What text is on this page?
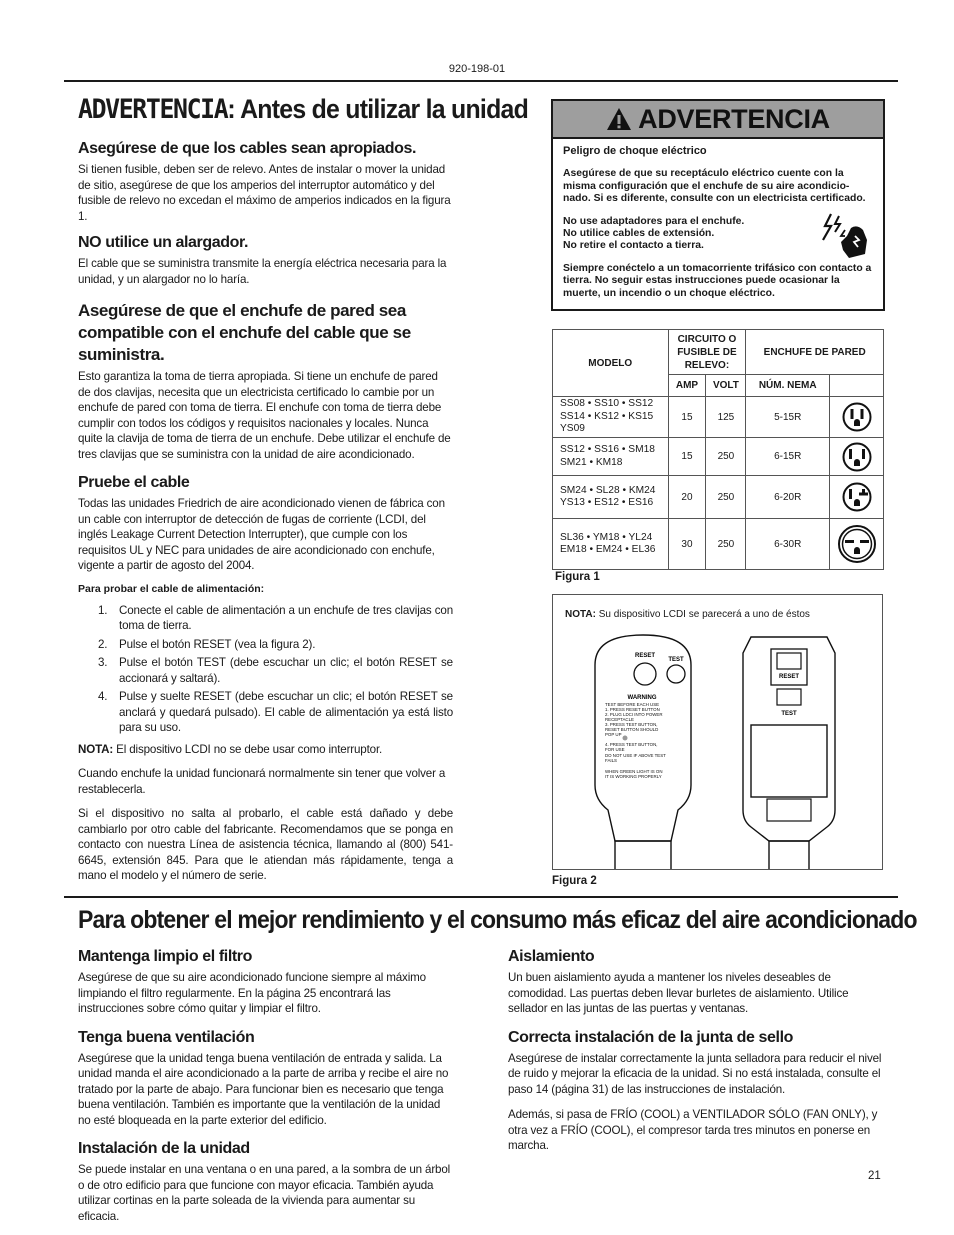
920-198-01
ADVERTENCIA: Antes de utilizar la unidad
Asegúrese de que los cables sean apropiados.

Si tienen fusible, deben ser de relevo. Antes de instalar o mover la unidad de sitio, asegúrese de que los amperios del interruptor automático y del fusible de relevo no excedan el máximo de amperios indicados en la figura 1.

NO utilice un alargador.

El cable que se suministra transmite la energía eléctrica necesaria para la unidad, y un alargador no lo haría.

Asegúrese de que el enchufe de pared sea compatible con el enchufe del cable que se suministra.

Esto garantiza la toma de tierra apropiada. Si tiene un enchufe de pared de dos clavijas, necesita que un electricista certificado lo cambie por un enchufe de pared con toma de tierra. El enchufe con toma de tierra debe cumplir con todos los códigos y requisitos nacionales y locales. Nunca quite la clavija de toma de tierra de un enchufe. Debe utilizar el enchufe de tres clavijas que se suministra con la unidad de aire acondicionado.

Pruebe el cable

Todas las unidades Friedrich de aire acondicionado vienen de fábrica con un cable con interruptor de detección de fugas de corriente (LCDI, del inglés Leakage Current Detection Interrupter), que cumple con los requisitos UL y NEC para unidades de aire acondicionado con enchufe, vigente a partir de agosto del 2004.

Para probar el cable de alimentación:

1.	Conecte el cable de alimentación a un enchufe de tres clavijas con toma de tierra.
2.	Pulse el botón RESET (vea la figura 2).
3.	Pulse el botón TEST (debe escuchar un clic; el botón RESET se accionará y saltará).
4.	Pulse y suelte RESET (debe escuchar un clic; el botón RESET se anclará y quedará pulsado). El cable de alimentación ya está listo para su uso.

NOTA: El dispositivo LCDI no se debe usar como interruptor.

Cuando enchufe la unidad funcionará normalmente sin tener que volver a restablecerla.

Si el dispositivo no salta al probarlo, el cable está dañado y debe cambiarlo por otro cable del fabricante. Recomendamos que se ponga en contacto con nuestra Línea de asistencia técnica, llamando al (800) 541-6645, extensión 845. Para que le atiendan más rápidamente, tenga a mano el modelo y el número de serie.

ADVERTENCIA

Peligro de choque eléctrico

Asegúrese de que su receptáculo eléctrico cuente con la
misma configuración que el enchufe de su aire acondicio-
nado. Si es diferente, consulte con un electricista certificado.

No use adaptadores para el enchufe.
No utilice cables de extensión.
No retire el contacto a tierra.

Siempre conéctelo a un tomacorriente trifásico con contacto a tierra. No seguir estas instrucciones puede ocasionar la muerte, un incendio o un choque eléctrico.

MODELO	CIRCUITO O FUSIBLE DE RELEVO:		ENCHUFE DE PARED	
	AMP	VOLT	NÚM. NEMA	
SS08 • SS10 • SS12 SS14 • KS12 • KS15 YS09	15	125	5-15R	

SS12 • SS16 • SM18 SM21 • KM18	15	250	6-15R	

SM24 • SL28 • KM24 YS13 • ES12 • ES16	20	250	6-20R	

SL36 • YM18 • YL24 EM18 • EM24 • EL36	30	250	6-30R	
Figura 1

NOTA: Su dispositivo LCDI se parecerá a uno de éstos

RESET
TEST
WARNING
TEST BEFORE EACH USE
1. PRESS RESET BUTTON
2. PLUG LDCI INTO POWER
RECEPTACLE
3. PRESS TEST BUTTON,
RESET BUTTON SHOULD
POP UP
4. PRESS TEST BUTTON,
FOR USE
DO NOT USE IF ABOVE TEST
FAILS
WHEN GREEN LIGHT IS ON
IT IS WORKING PROPERLY
RESET
TEST
Figura 2
Para obtener el mejor rendimiento y el consumo más eficaz del aire acondicionado
Mantenga limpio el filtro

Asegúrese de que su aire acondicionado funcione siempre al máximo limpiando el filtro regularmente. En la página 25 encontrará las instrucciones sobre cómo quitar y limpiar el filtro.

Tenga buena ventilación

Asegúrese que la unidad tenga buena ventilación de entrada y salida. La unidad manda el aire acondicionado a la parte de arriba y recibe el aire no tratado por la parte de abajo. Para funcionar bien es necesario que tenga buena ventilación. También es importante que la ventilación de la unidad no esté bloqueada en la parte exterior del edificio.

Instalación de la unidad

Se puede instalar en una ventana o en una pared, a la sombra de un árbol o de otro edificio para que funcione con mayor eficacia. También ayuda utilizar cortinas en la parte soleada de la vivienda para aumentar su eficacia.

Aislamiento

Un buen aislamiento ayuda a mantener los niveles deseables de comodidad. Las puertas deben llevar burletes de aislamiento. Utilice sellador en las juntas de las puertas y ventanas.

Correcta instalación de la junta de sello

Asegúrese de instalar correctamente la junta selladora para reducir el nivel de ruido y mejorar la eficacia de la unidad. Si no está instalada, consulte el paso 14 (página 31) de las instrucciones de instalación.

Además, si pasa de FRÍO (COOL) a VENTILADOR SÓLO (FAN ONLY), y otra vez a FRÍO (COOL), el compresor tarda tres minutos en ponerse en marcha.

21
